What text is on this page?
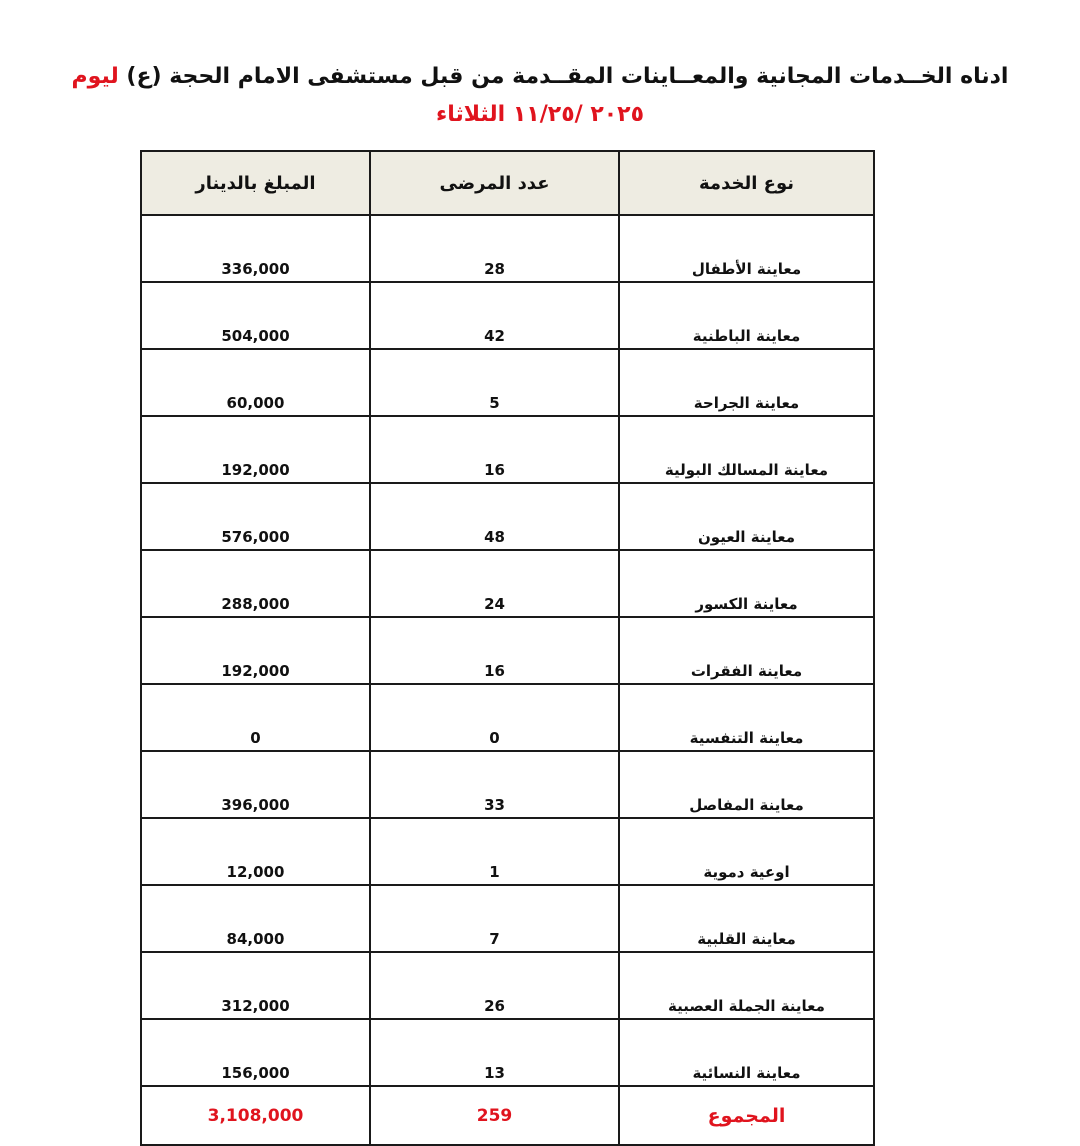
ادناه الخــدمات المجانية والمعــاينات المقــدمة من قبل مستشفى الامام الحجة (ع) ليوم
٢٠٢٥ /١١/٢٥ الثلاثاء
نوع الخدمة	عدد المرضى	المبلغ بالدينار
معاينة الأطفال	28	336,000
معاينة الباطنية	42	504,000
معاينة الجراحة	5	60,000
معاينة المسالك البولية	16	192,000
معاينة العيون	48	576,000
معاينة الكسور	24	288,000
معاينة الفقرات	16	192,000
معاينة التنفسية	0	0
معاينة المفاصل	33	396,000
اوعية دموية	1	12,000
معاينة القلبية	7	84,000
معاينة الجملة العصبية	26	312,000
معاينة النسائية	13	156,000
المجموع	259	3,108,000
